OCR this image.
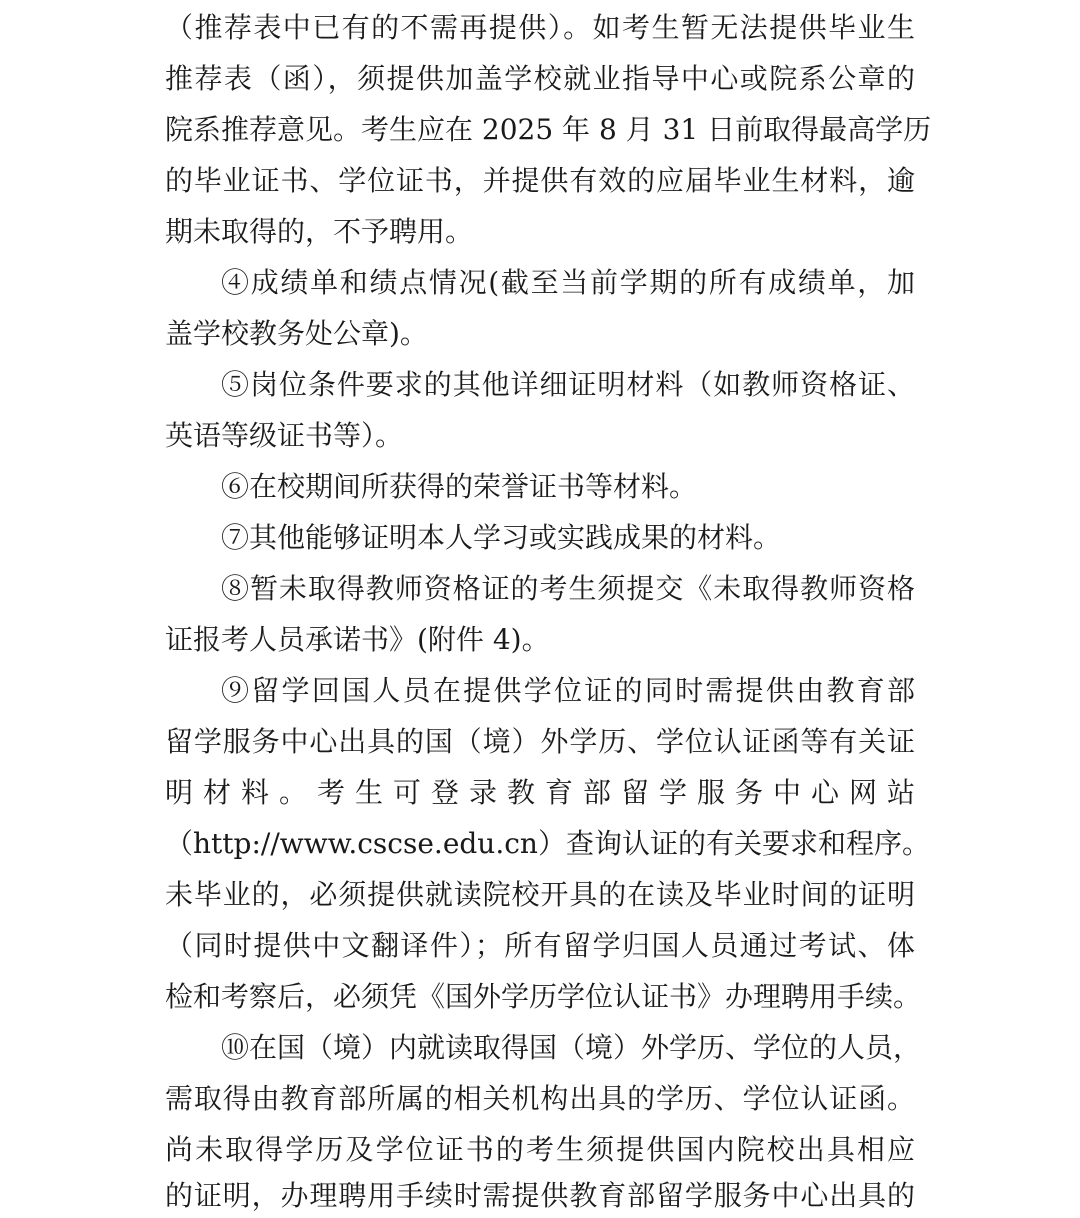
（推荐表中已有的不需再提供）。如考生暂无法提供毕业生

推荐表（函），须提供加盖学校就业指导中心或院系公章的

院系推荐意见。考生应在 2025 年 8 月 31 日前取得最高学历

的毕业证书、学位证书，并提供有效的应届毕业生材料，逾

期未取得的，不予聘用。

④成绩单和绩点情况(截至当前学期的所有成绩单，加

盖学校教务处公章)。

⑤岗位条件要求的其他详细证明材料（如教师资格证、

英语等级证书等）。

⑥在校期间所获得的荣誉证书等材料。

⑦其他能够证明本人学习或实践成果的材料。

⑧暂未取得教师资格证的考生须提交《未取得教师资格

证报考人员承诺书》(附件 4)。

⑨留学回国人员在提供学位证的同时需提供由教育部

留学服务中心出具的国（境）外学历、学位认证函等有关证

明材料。考生可登录教育部留学服务中心网站

（http://www.cscse.edu.cn）查询认证的有关要求和程序。

未毕业的，必须提供就读院校开具的在读及毕业时间的证明

（同时提供中文翻译件）；所有留学归国人员通过考试、体

检和考察后，必须凭《国外学历学位认证书》办理聘用手续。

⑩在国（境）内就读取得国（境）外学历、学位的人员，

需取得由教育部所属的相关机构出具的学历、学位认证函。

尚未取得学历及学位证书的考生须提供国内院校出具相应

的证明，办理聘用手续时需提供教育部留学服务中心出具的
